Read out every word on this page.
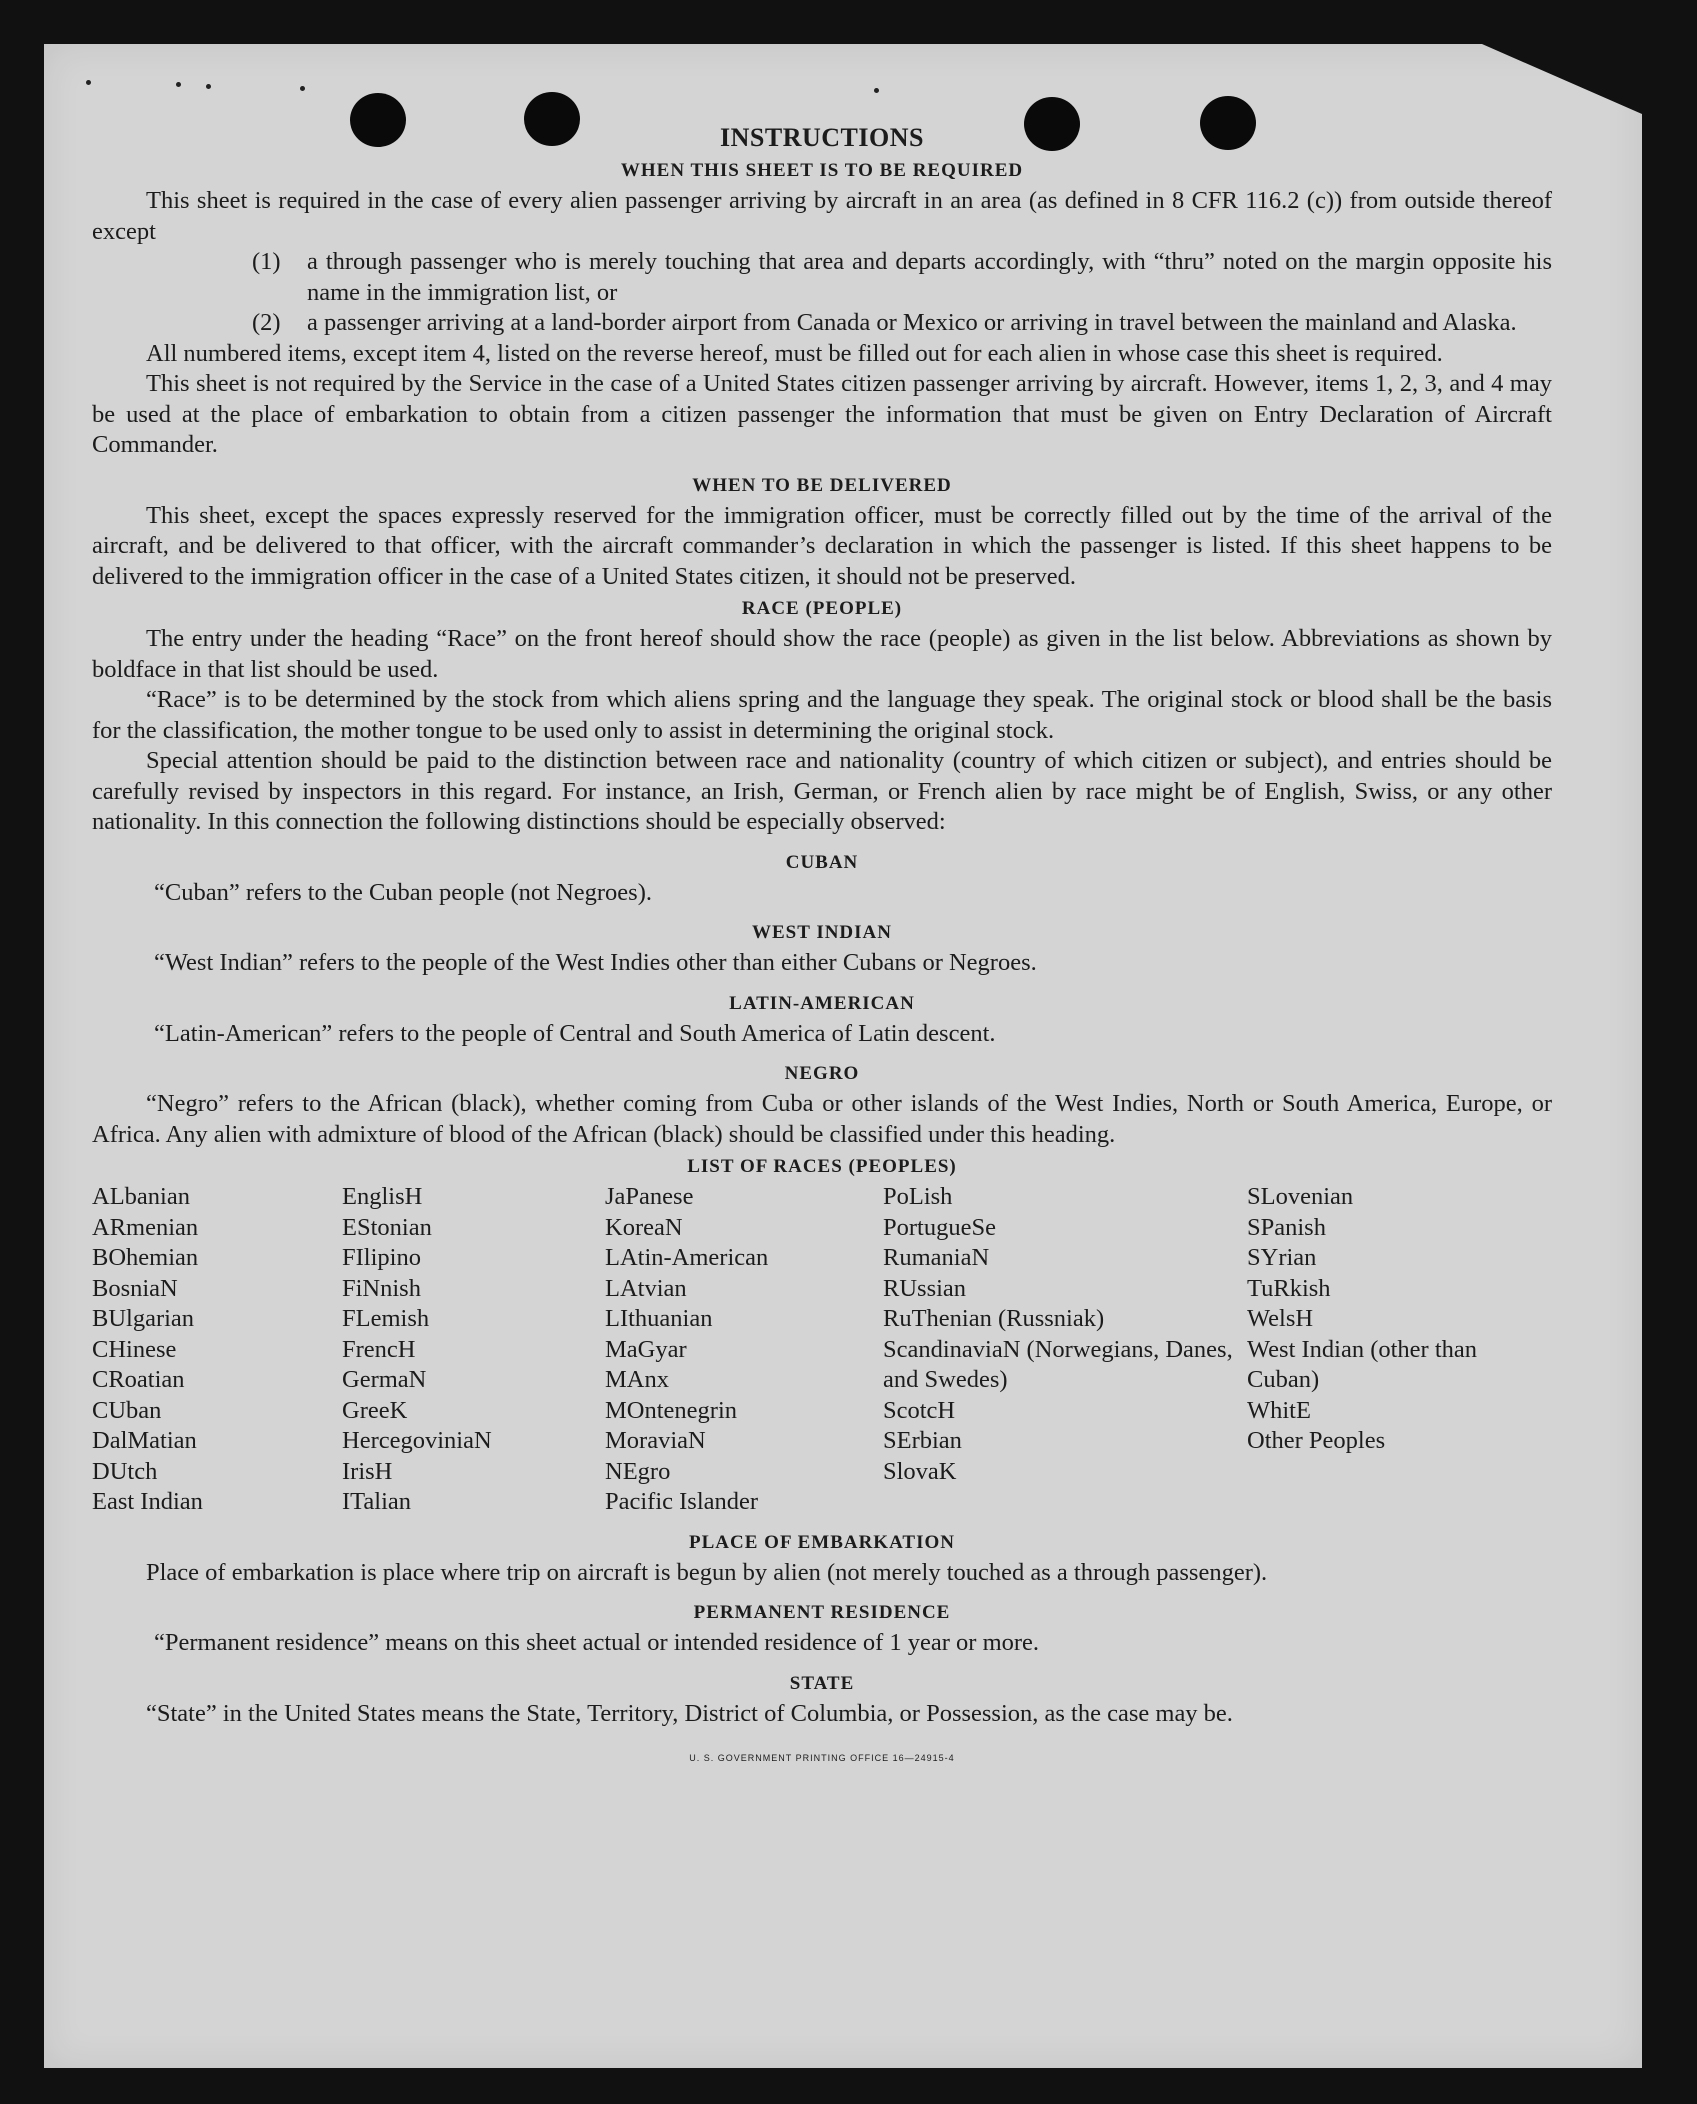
INSTRUCTIONS
WHEN THIS SHEET IS TO BE REQUIRED

This sheet is required in the case of every alien passenger arriving by aircraft in an area (as defined in 8 CFR 116.2 (c)) from outside thereof except

(1) a through passenger who is merely touching that area and departs accordingly, with “thru” noted on the margin opposite his name in the immigration list, or
(2) a passenger arriving at a land-border airport from Canada or Mexico or arriving in travel between the mainland and Alaska.

All numbered items, except item 4, listed on the reverse hereof, must be filled out for each alien in whose case this sheet is required.

This sheet is not required by the Service in the case of a United States citizen passenger arriving by aircraft. However, items 1, 2, 3, and 4 may be used at the place of embarkation to obtain from a citizen passenger the information that must be given on Entry Declaration of Aircraft Commander.

WHEN TO BE DELIVERED

This sheet, except the spaces expressly reserved for the immigration officer, must be correctly filled out by the time of the arrival of the aircraft, and be delivered to that officer, with the aircraft commander’s declaration in which the passenger is listed. If this sheet happens to be delivered to the immigration officer in the case of a United States citizen, it should not be preserved.

RACE (PEOPLE)

The entry under the heading “Race” on the front hereof should show the race (people) as given in the list below. Abbreviations as shown by boldface in that list should be used.

“Race” is to be determined by the stock from which aliens spring and the language they speak. The original stock or blood shall be the basis for the classification, the mother tongue to be used only to assist in determining the original stock.

Special attention should be paid to the distinction between race and nationality (country of which citizen or subject), and entries should be carefully revised by inspectors in this regard. For instance, an Irish, German, or French alien by race might be of English, Swiss, or any other nationality. In this connection the following distinctions should be especially observed:

CUBAN
“Cuban” refers to the Cuban people (not Negroes).
WEST INDIAN
“West Indian” refers to the people of the West Indies other than either Cubans or Negroes.
LATIN-AMERICAN
“Latin-American” refers to the people of Central and South America of Latin descent.
NEGRO

“Negro” refers to the African (black), whether coming from Cuba or other islands of the West Indies, North or South America, Europe, or Africa. Any alien with admixture of blood of the African (black) should be classified under this heading.

LIST OF RACES (PEOPLES)
ALbanian
ARmenian
BOhemian
BosniaN
BUlgarian
CHinese
CRoatian
CUban
DalMatian
DUtch
East Indian
EnglisH
EStonian
FIlipino
FiNnish
FLemish
FrencH
GermaN
GreeK
HercegoviniaN
IrisH
ITalian
JaPanese
KoreaN
LAtin-American
LAtvian
LIthuanian
MaGyar
MAnx
MOntenegrin
MoraviaN
NEgro
Pacific Islander
PoLish
PortugueSe
RumaniaN
RUssian
RuThenian (Russniak)
ScandinaviaN (Norwegians, Danes, and Swedes)
ScotcH
SErbian
SlovaK
SLovenian
SPanish
SYrian
TuRkish
WelsH
West Indian (other than Cuban)
WhitE
Other Peoples
PLACE OF EMBARKATION

Place of embarkation is place where trip on aircraft is begun by alien (not merely touched as a through passenger).

PERMANENT RESIDENCE
“Permanent residence” means on this sheet actual or intended residence of 1 year or more.
STATE

“State” in the United States means the State, Territory, District of Columbia, or Possession, as the case may be.

U. S. GOVERNMENT PRINTING OFFICE 16—24915-4
